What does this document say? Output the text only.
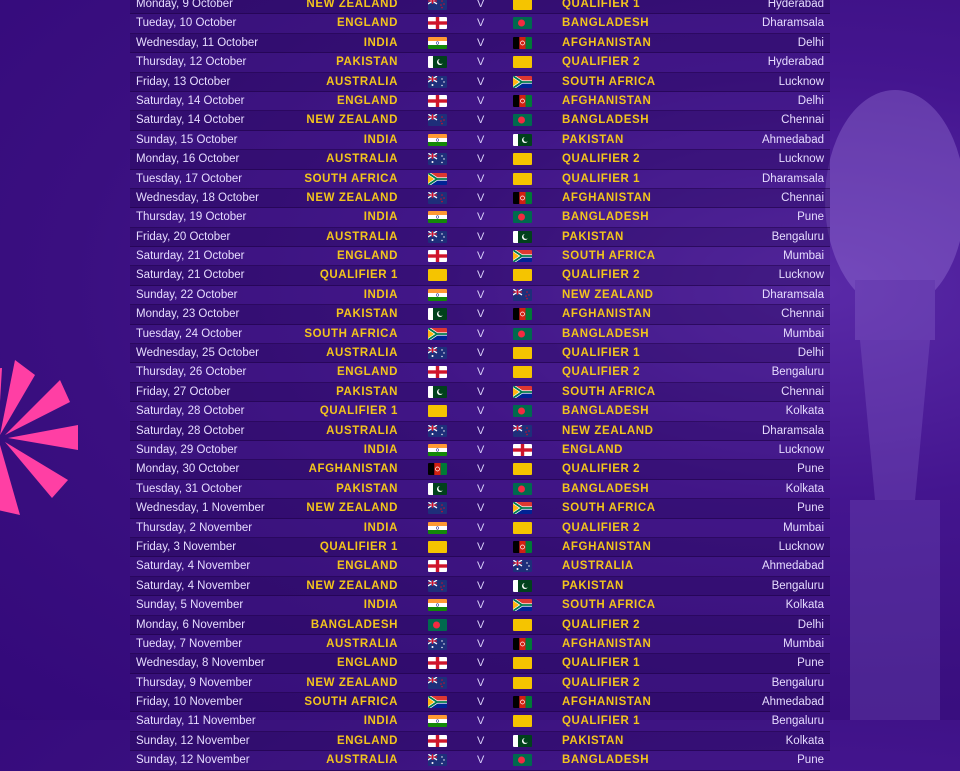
Monday, 9 October	NEW ZEALAND	V	QUALIFIER 1	Hyderabad
Tueday, 10 October	ENGLAND	V	BANGLADESH	Dharamsala
Wednesday, 11 October	INDIA	V	AFGHANISTAN	Delhi
Thursday, 12 October	PAKISTAN	V	QUALIFIER 2	Hyderabad
Friday, 13 October	AUSTRALIA	V	SOUTH AFRICA	Lucknow
Saturday, 14 October	ENGLAND	V	AFGHANISTAN	Delhi
Saturday, 14 October	NEW ZEALAND	V	BANGLADESH	Chennai
Sunday, 15 October	INDIA	V	PAKISTAN	Ahmedabad
Monday, 16 October	AUSTRALIA	V	QUALIFIER 2	Lucknow
Tuesday, 17 October	SOUTH AFRICA	V	QUALIFIER 1	Dharamsala
Wednesday, 18 October	NEW ZEALAND	V	AFGHANISTAN	Chennai
Thursday, 19 October	INDIA	V	BANGLADESH	Pune
Friday, 20 October	AUSTRALIA	V	PAKISTAN	Bengaluru
Saturday, 21 October	ENGLAND	V	SOUTH AFRICA	Mumbai
Saturday, 21 October	QUALIFIER 1	V	QUALIFIER 2	Lucknow
Sunday, 22 October	INDIA	V	NEW ZEALAND	Dharamsala
Monday, 23 October	PAKISTAN	V	AFGHANISTAN	Chennai
Tuesday, 24 October	SOUTH AFRICA	V	BANGLADESH	Mumbai
Wednesday, 25 October	AUSTRALIA	V	QUALIFIER 1	Delhi
Thursday, 26 October	ENGLAND	V	QUALIFIER 2	Bengaluru
Friday, 27 October	PAKISTAN	V	SOUTH AFRICA	Chennai
Saturday, 28 October	QUALIFIER 1	V	BANGLADESH	Kolkata
Saturday, 28 October	AUSTRALIA	V	NEW ZEALAND	Dharamsala
Sunday, 29 October	INDIA	V	ENGLAND	Lucknow
Monday, 30 October	AFGHANISTAN	V	QUALIFIER 2	Pune
Tuesday, 31 October	PAKISTAN	V	BANGLADESH	Kolkata
Wednesday, 1 November	NEW ZEALAND	V	SOUTH AFRICA	Pune
Thursday, 2 November	INDIA	V	QUALIFIER 2	Mumbai
Friday, 3 November	QUALIFIER 1	V	AFGHANISTAN	Lucknow
Saturday, 4 November	ENGLAND	V	AUSTRALIA	Ahmedabad
Saturday, 4 November	NEW ZEALAND	V	PAKISTAN	Bengaluru
Sunday, 5 November	INDIA	V	SOUTH AFRICA	Kolkata
Monday, 6 November	BANGLADESH	V	QUALIFIER 2	Delhi
Tueday, 7 November	AUSTRALIA	V	AFGHANISTAN	Mumbai
Wednesday, 8 November	ENGLAND	V	QUALIFIER 1	Pune
Thursday, 9 November	NEW ZEALAND	V	QUALIFIER 2	Bengaluru
Friday, 10 November	SOUTH AFRICA	V	AFGHANISTAN	Ahmedabad
Saturday, 11 November	INDIA	V	QUALIFIER 1	Bengaluru
Sunday, 12 November	ENGLAND	V	PAKISTAN	Kolkata
Sunday, 12 November	AUSTRALIA	V	BANGLADESH	Pune
